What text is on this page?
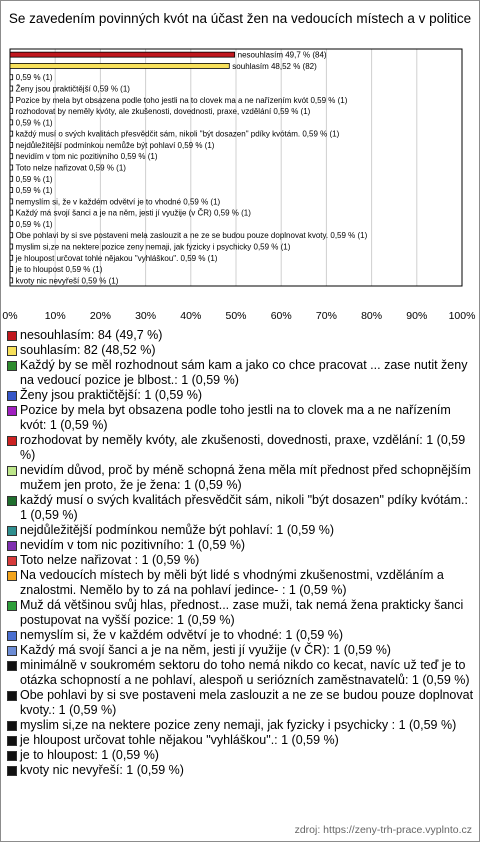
Se zavedením povinných kvót na účast žen na vedoucích místech a v politice
0%	10% 20% 30% 40% 50% 60% 70% 80% 90% 100%
nesouhlasím 49,7 % (84)
souhlasím 48,52 % (82)
0,59 % (1)
Ženy jsou praktičtější 0,59 % (1)
Pozice by mela byt obsazena podle toho jestli na to clovek ma a ne nařízením kvót 0,59 % (1)
rozhodovat by neměly kvóty, ale zkušenosti, dovednosti, praxe, vzdělání 0,59 % (1)
0,59 % (1)
každý musí o svých kvalitách přesvědčit sám, nikoli "být dosazen" pdíky kvótám. 0,59 % (1)
nejdůležitější podmínkou nemůže být pohlaví 0,59 % (1)
nevidím v tom nic pozitivního 0,59 % (1)
Toto nelze nařizovat 0,59 % (1)
0,59 % (1)
0,59 % (1)
nemyslím si, že v každém odvětví je to vhodné 0,59 % (1)
Každý má svojí šanci a je na něm, jesti jí využije (v ČR) 0,59 % (1)
0,59 % (1)
Obe pohlavi by si sve postaveni mela zaslouzit a ne ze se budou pouze doplnovat kvoty. 0,59 % (1)
myslim si,ze na nektere pozice zeny nemaji, jak fyzicky i psychicky 0,59 % (1)
je hloupost určovat tohle nějakou "vyhláškou". 0,59 % (1)
je to hloupost 0,59 % (1)
kvoty nic nevyřeší 0,59 % (1)
nesouhlasím: 84 (49,7 %)
souhlasím: 82 (48,52 %)
Každý by se měl rozhodnout sám kam a jako co chce pracovat ... zase nutit ženy na vedoucí pozice je blbost.: 1 (0,59 %)
Ženy jsou praktičtější: 1 (0,59 %)
Pozice by mela byt obsazena podle toho jestli na to clovek ma a ne nařízením kvót: 1 (0,59 %)
rozhodovat by neměly kvóty, ale zkušenosti, dovednosti, praxe, vzdělání: 1 (0,59 %)
nevidím důvod, proč by méně schopná žena měla mít přednost před schopnějším mužem jen proto, že je žena: 1 (0,59 %)
každý musí o svých kvalitách přesvědčit sám, nikoli "být dosazen" pdíky kvótám.: 1 (0,59 %)
nejdůležitější podmínkou nemůže být pohlaví: 1 (0,59 %)
nevidím v tom nic pozitivního: 1 (0,59 %)
Toto nelze nařizovat : 1 (0,59 %)
Na vedoucích místech by měli být lidé s vhodnými zkušenostmi, vzděláním a znalostmi. Nemělo by to zá na pohlaví jedince- : 1 (0,59 %)
Muž dá většinou svůj hlas, přednost... zase muži, tak nemá žena prakticky šanci postupovat na vyšší pozice: 1 (0,59 %)
nemyslím si, že v každém odvětví je to vhodné: 1 (0,59 %)
Každý má svojí šanci a je na něm, jesti jí využije (v ČR): 1 (0,59 %)
minimálně v soukromém sektoru do toho nemá nikdo co kecat, navíc už teď je to otázka schopností a ne pohlaví, alespoň u seriózních zaměstnavatelů: 1 (0,59 %)
Obe pohlavi by si sve postaveni mela zaslouzit a ne ze se budou pouze doplnovat kvoty.: 1 (0,59 %)
myslim si,ze na nektere pozice zeny nemaji, jak fyzicky i psychicky : 1 (0,59 %)
je hloupost určovat tohle nějakou "vyhláškou".: 1 (0,59 %)
je to hloupost: 1 (0,59 %)
kvoty nic nevyřeší: 1 (0,59 %)
zdroj: https://zeny-trh-prace.vyplnto.cz
